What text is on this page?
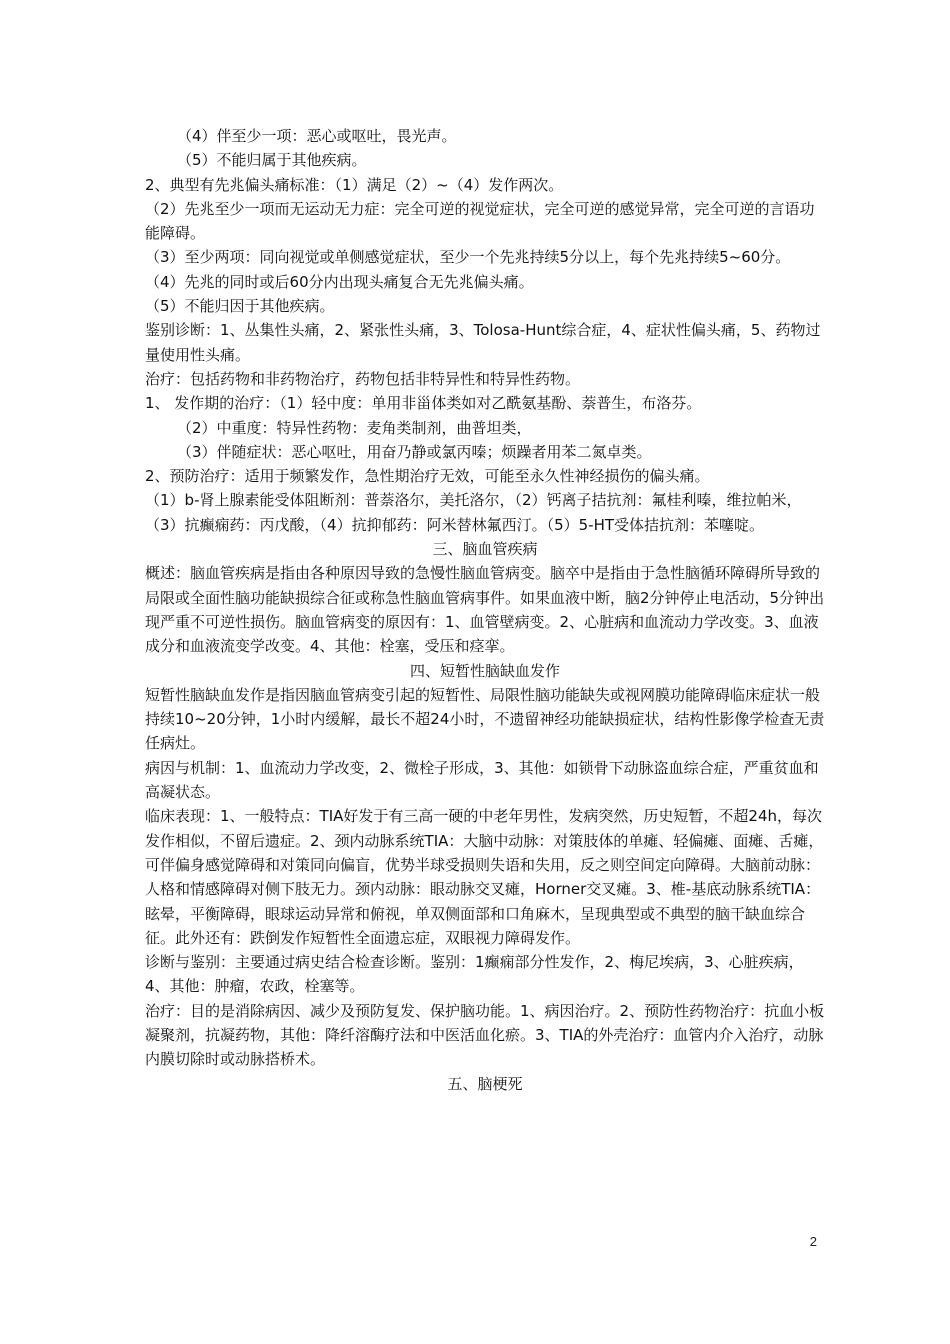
（4）伴至少一项：恶心或呕吐，畏光声。

（5）不能归属于其他疾病。

2、典型有先兆偏头痛标准：（1）满足（2）~（4）发作两次。

（2）先兆至少一项而无运动无力症：完全可逆的视觉症状，完全可逆的感觉异常，完全可逆的言语功能障碍。

（3）至少两项：同向视觉或单侧感觉症状，至少一个先兆持续5分以上，每个先兆持续5~60分。

（4）先兆的同时或后60分内出现头痛复合无先兆偏头痛。

（5）不能归因于其他疾病。

鉴别诊断：1、丛集性头痛，2、紧张性头痛，3、Tolosa-Hunt综合症，4、症状性偏头痛，5、药物过量使用性头痛。

治疗：包括药物和非药物治疗，药物包括非特异性和特异性药物。

1、 发作期的治疗：（1）轻中度：单用非甾体类如对乙酰氨基酚、萘普生，布洛芬。

（2）中重度：特异性药物：麦角类制剂，曲普坦类，

（3）伴随症状：恶心呕吐，用奋乃静或氯丙嗪；烦躁者用苯二氮卓类。

2、预防治疗：适用于频繁发作，急性期治疗无效，可能至永久性神经损伤的偏头痛。

（1）b-肾上腺素能受体阻断剂：普萘洛尔，美托洛尔，（2）钙离子拮抗剂：氟桂利嗪，维拉帕米，（3）抗癫痫药：丙戊酸，（4）抗抑郁药：阿米替林氟西汀。（5）5-HT受体拮抗剂：苯噻啶。

三、脑血管疾病

概述：脑血管疾病是指由各种原因导致的急慢性脑血管病变。脑卒中是指由于急性脑循环障碍所导致的局限或全面性脑功能缺损综合征或称急性脑血管病事件。如果血液中断，脑2分钟停止电活动，5分钟出现严重不可逆性损伤。脑血管病变的原因有：1、血管壁病变。2、心脏病和血流动力学改变。3、血液成分和血液流变学改变。4、其他：栓塞，受压和痉挛。

四、短暂性脑缺血发作

短暂性脑缺血发作是指因脑血管病变引起的短暂性、局限性脑功能缺失或视网膜功能障碍临床症状一般持续10~20分钟，1小时内缓解，最长不超24小时，不遗留神经功能缺损症状，结构性影像学检查无责任病灶。

病因与机制：1、血流动力学改变，2、微栓子形成，3、其他：如锁骨下动脉盗血综合症，严重贫血和高凝状态。

临床表现：1、一般特点：TIA好发于有三高一硬的中老年男性，发病突然，历史短暂，不超24h，每次发作相似，不留后遗症。2、颈内动脉系统TIA：大脑中动脉：对策肢体的单瘫、轻偏瘫、面瘫、舌瘫，可伴偏身感觉障碍和对策同向偏盲，优势半球受损则失语和失用，反之则空间定向障碍。大脑前动脉：人格和情感障碍对侧下肢无力。颈内动脉：眼动脉交叉瘫，Horner交叉瘫。3、椎-基底动脉系统TIA：眩晕，平衡障碍，眼球运动异常和俯视，单双侧面部和口角麻木，呈现典型或不典型的脑干缺血综合征。此外还有：跌倒发作短暂性全面遗忘症，双眼视力障碍发作。

诊断与鉴别：主要通过病史结合检查诊断。鉴别：1癫痫部分性发作，2、梅尼埃病，3、心脏疾病，4、其他：肿瘤，农政，栓塞等。

治疗：目的是消除病因、减少及预防复发、保护脑功能。1、病因治疗。2、预防性药物治疗：抗血小板凝聚剂，抗凝药物，其他：降纤溶酶疗法和中医活血化瘀。3、TIA的外壳治疗：血管内介入治疗，动脉内膜切除时或动脉搭桥术。

五、脑梗死

2
